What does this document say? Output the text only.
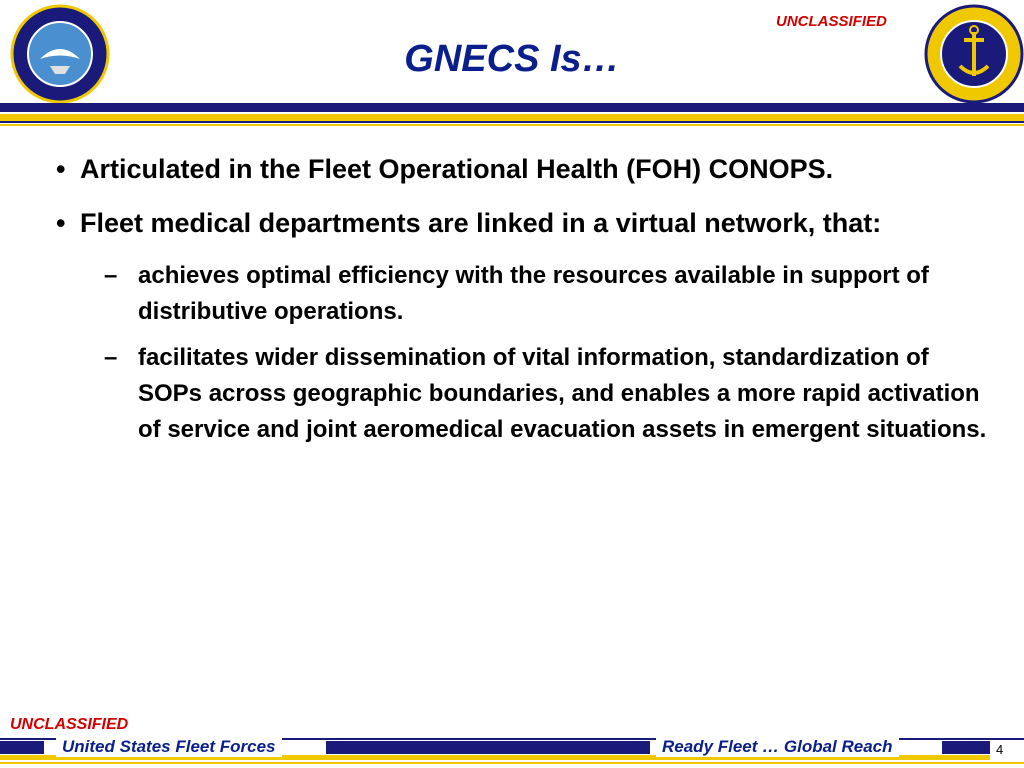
UNCLASSIFIED
GNECS Is…
• Articulated in the Fleet Operational Health (FOH) CONOPS.
• Fleet medical departments are linked in a virtual network, that:
– achieves optimal efficiency with the resources available in support of distributive operations.
– facilitates wider dissemination of vital information, standardization of SOPs across geographic boundaries, and enables a more rapid activation of service and joint aeromedical evacuation assets in emergent situations.
UNCLASSIFIED
United States Fleet Forces	Ready Fleet … Global Reach	4
